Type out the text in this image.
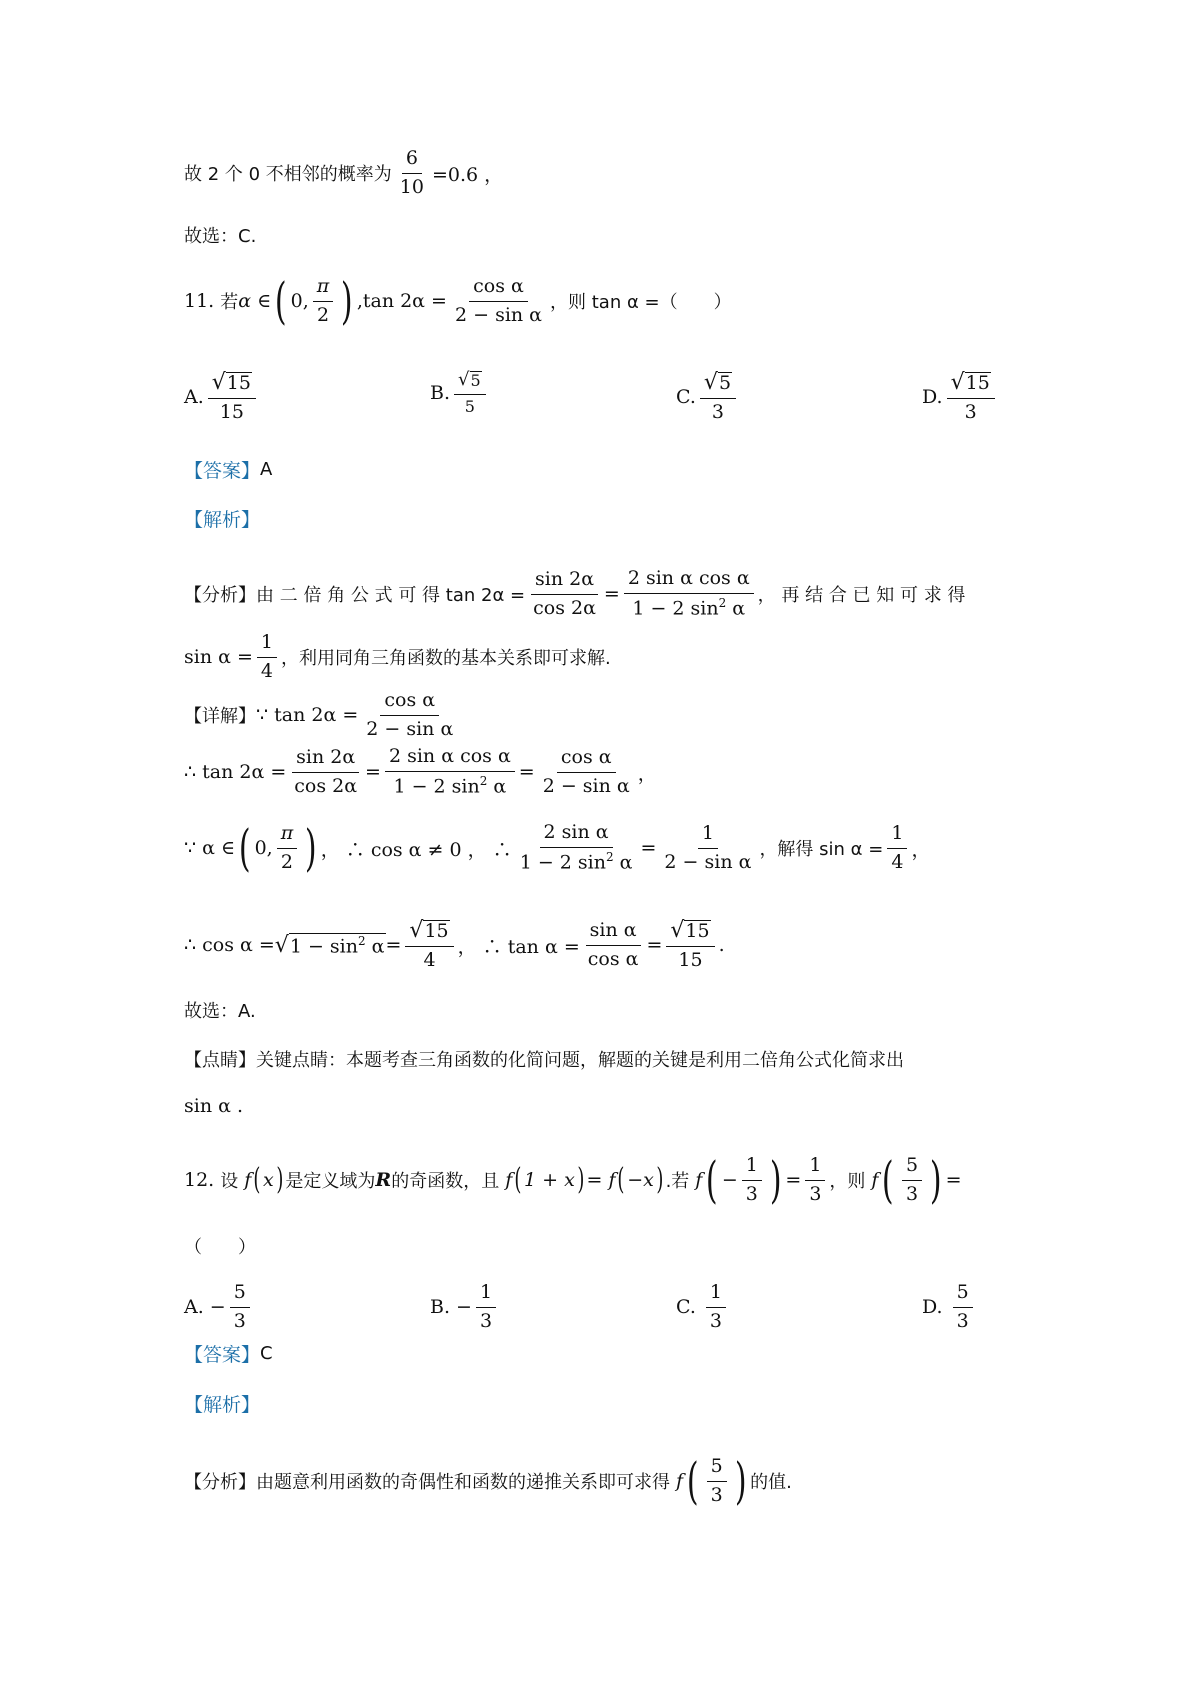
故 2 个 0 不相邻的概率为 $\frac{6}{10} =0.6$ ，
故选：C.
11. 若 α ∈ ( 0, $\frac{\pi}{2}$ ) ,tan $2\alpha = \frac{\text{cos α}}{\text{2 − sin α}}$ ，则 tan α =（　　）
A. $\frac{√ 15}{15}$	B. $\frac{√ 5}{5}$	C. $\frac{√ 5}{3}$	D. $\frac{√ 15}{3}$
【答案】 A
【解析】
【分析】 由 二 倍 角 公 式 可 得 $\tan 2\alpha = \frac{\sin 2\alpha}{\cos 2\alpha} = \frac{\text{2 sin α cos α}}{1 - 2 \sin^2 \alpha}$ ， 再 结 合 已 知 可 求 得
$\sin \alpha = \frac{1}{4}$ ，利用同角三角函数的基本关系即可求解.
【详解】 ∵ $\tan 2\alpha = \frac{\text{cos α}}{\text{2 − sin α}}$
∴ $\tan 2\alpha = \frac{\sin 2\alpha}{\cos 2\alpha} = \frac{\text{2 sin α cos α}}{1 - 2 \sin^2 \alpha} = \frac{\text{cos α}}{\text{2 − sin α}}$ ，
∵ α ∈ ( 0, $\frac{\pi}{2}$ ) ， ∴ cos α ≠ 0 ， ∴ $\frac{\text{2 sin α}}{1 - 2 \sin^2 \alpha} = \frac{1}{\text{2 − sin α}}$ ，解得 $\sin \alpha = \frac{1}{4}$ ，
∴ cos α = √ $1 - \sin^2 \alpha = \frac{√ 15}{4}$ ， ∴ $\tan \alpha = \frac{\text{sin α}}{\text{cos α}} = \frac{√ 15}{15}$ .
故选：A.
【点睛】 关键点睛：本题考查三角函数的化简问题，解题的关键是利用二倍角公式化简求出
sin α .
12. 设 f ( x ) 是定义域为 R 的奇函数，且 f ( 1 + x ) = f ( −x ) .若 f ( − $\frac{1}{3}$ ) = $\frac{1}{3}$ ，则 f ( $\frac{5}{3}$ ) =
（　　）
A. − $\frac{5}{3}$	B. − $\frac{1}{3}$	C. $\frac{1}{3}$	D. $\frac{5}{3}$
【答案】 C
【解析】
【分析】 由题意利用函数的奇偶性和函数的递推关系即可求得 f ( $\frac{5}{3}$ ) 的值.
